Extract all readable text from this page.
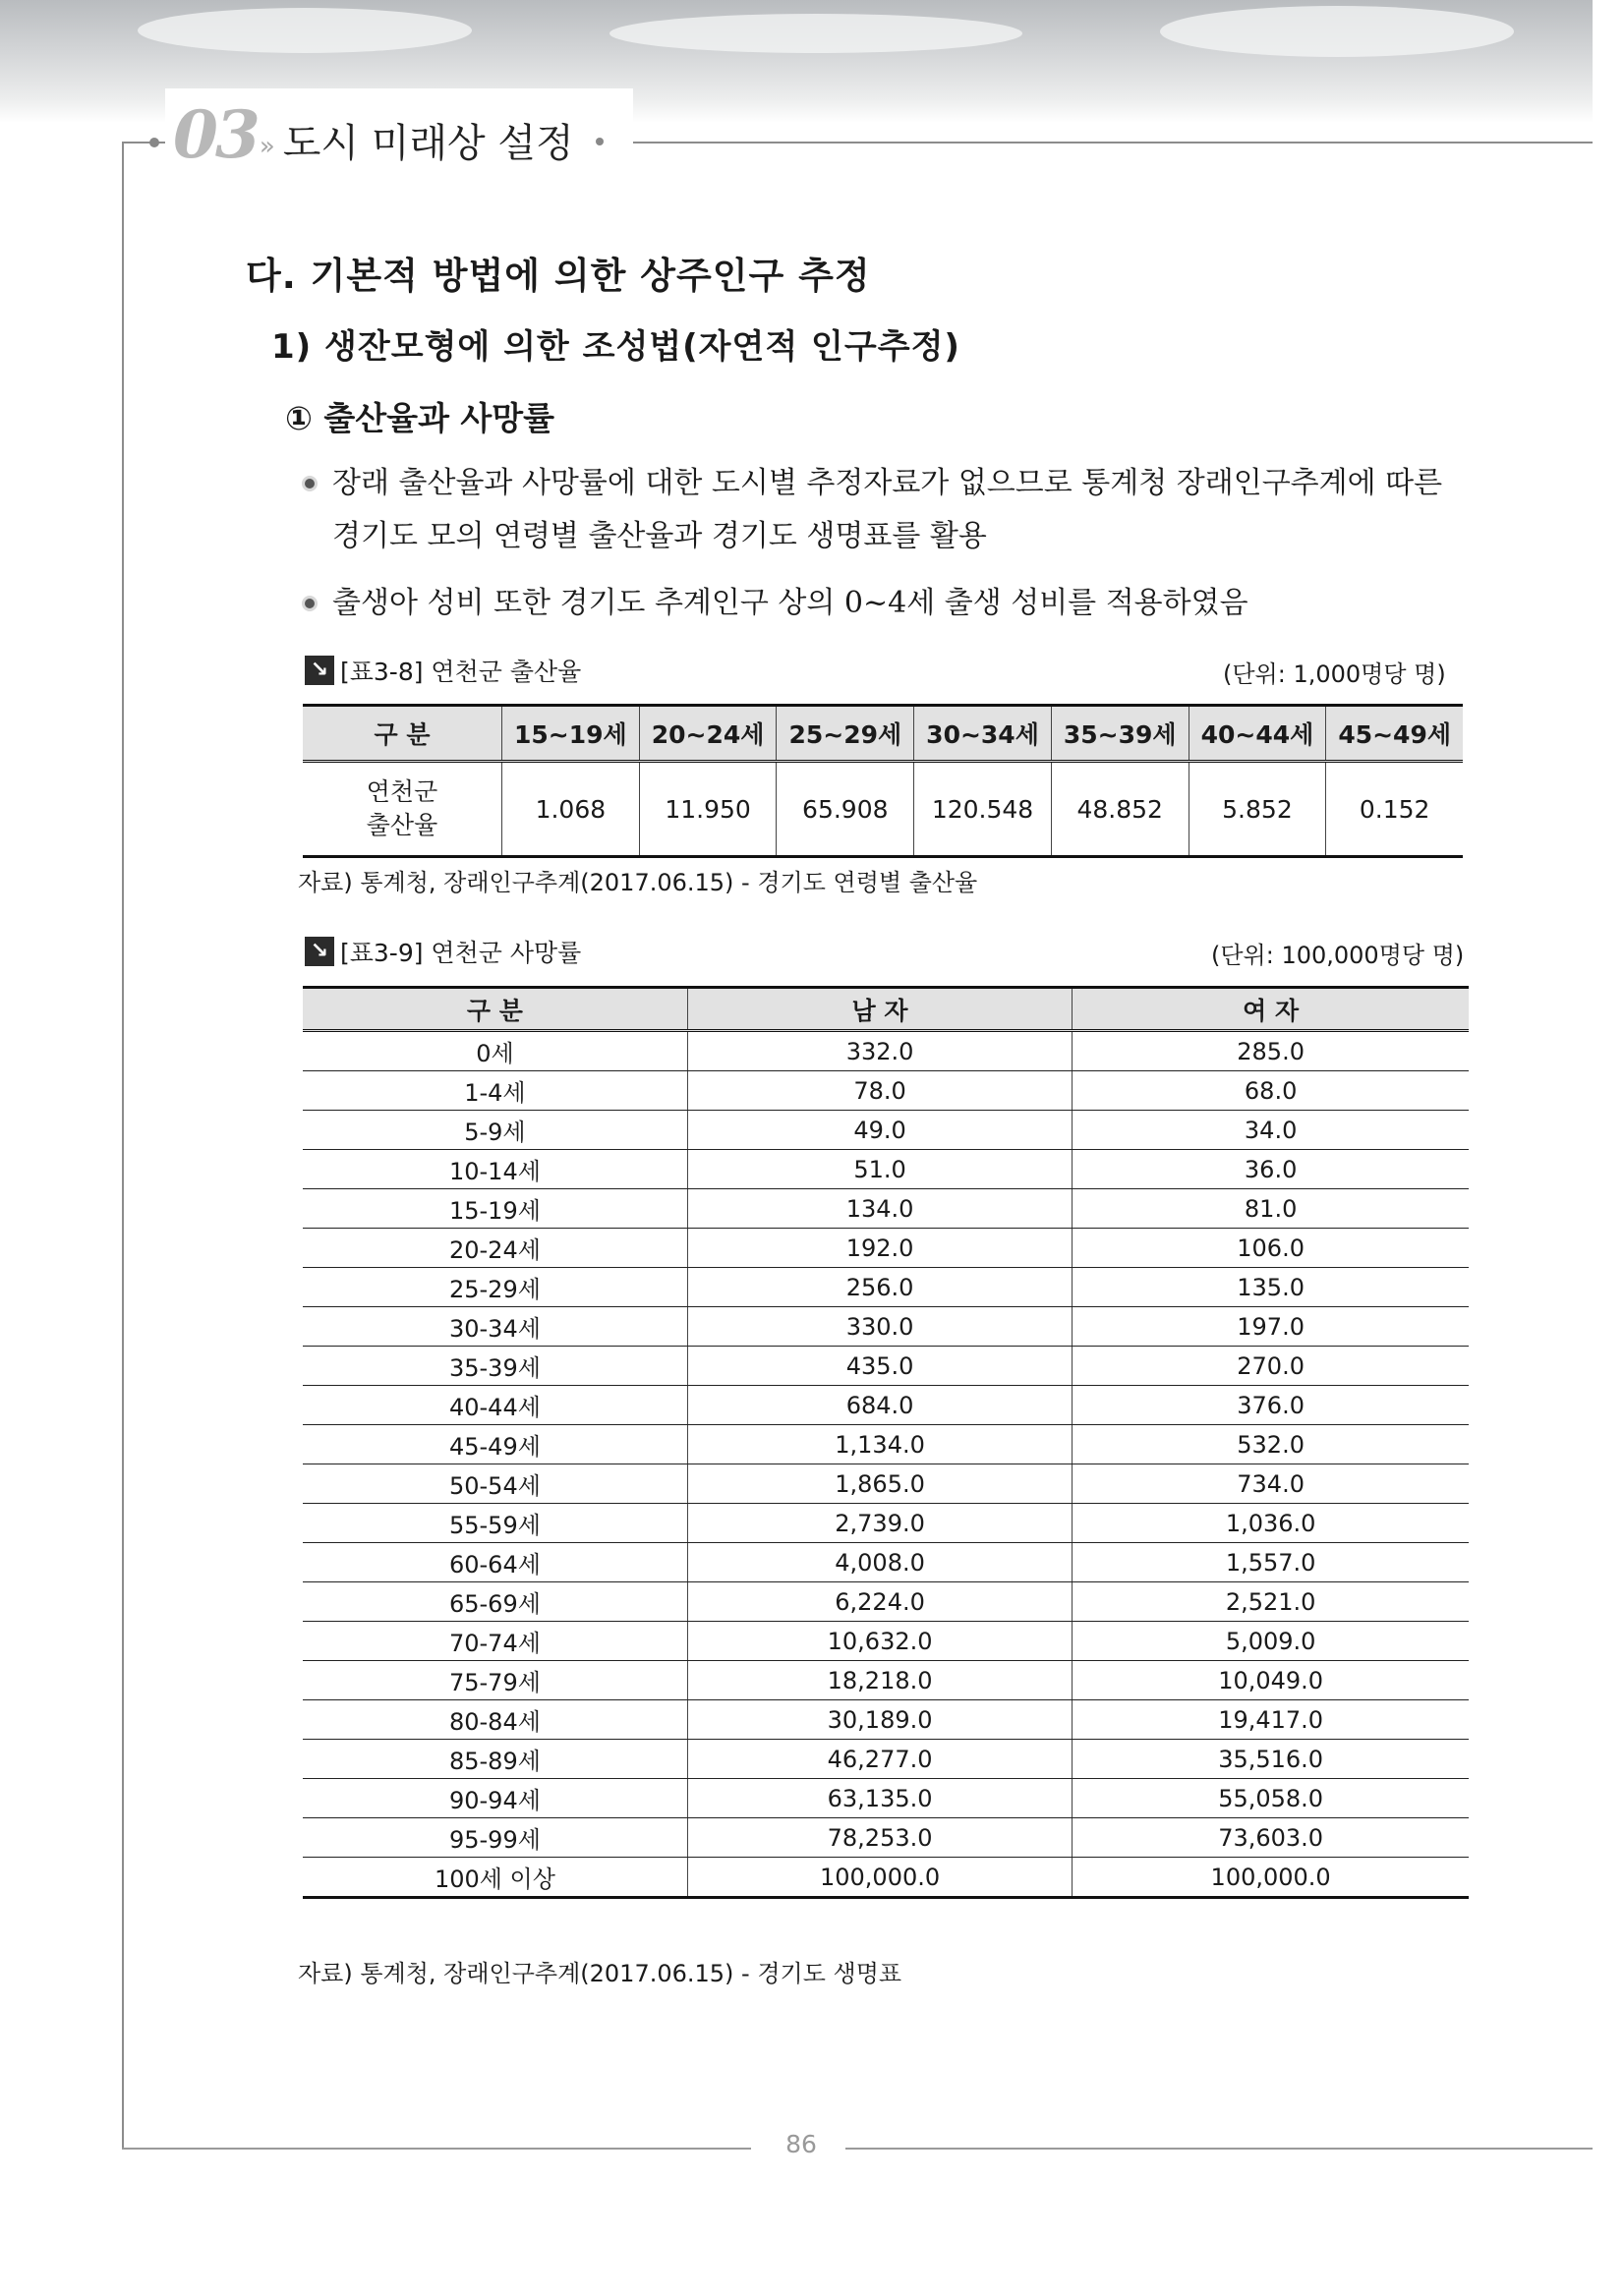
03 » 도시 미래상 설정
다. 기본적 방법에 의한 상주인구 추정
1) 생잔모형에 의한 조성법(자연적 인구추정)
① 출산율과 사망률
장래 출산율과 사망률에 대한 도시별 추정자료가 없으므로 통계청 장래인구추계에 따른 경기도 모의 연령별 출산율과 경기도 생명표를 활용
출생아 성비 또한 경기도 추계인구 상의 0~4세 출생 성비를 적용하였음
↘ [표3-8] 연천군 출산율	(단위: 1,000명당 명)
구 분	15~19세	20~24세	25~29세	30~34세	35~39세	40~44세	45~49세
연천군
출산율	1.068	11.950	65.908	120.548	48.852	5.852	0.152
자료) 통계청, 장래인구추계(2017.06.15) - 경기도 연령별 출산율
↘ [표3-9] 연천군 사망률	(단위: 100,000명당 명)
구 분	남 자	여 자
0세	332.0	285.0
1-4세	78.0	68.0
5-9세	49.0	34.0
10-14세	51.0	36.0
15-19세	134.0	81.0
20-24세	192.0	106.0
25-29세	256.0	135.0
30-34세	330.0	197.0
35-39세	435.0	270.0
40-44세	684.0	376.0
45-49세	1,134.0	532.0
50-54세	1,865.0	734.0
55-59세	2,739.0	1,036.0
60-64세	4,008.0	1,557.0
65-69세	6,224.0	2,521.0
70-74세	10,632.0	5,009.0
75-79세	18,218.0	10,049.0
80-84세	30,189.0	19,417.0
85-89세	46,277.0	35,516.0
90-94세	63,135.0	55,058.0
95-99세	78,253.0	73,603.0
100세 이상	100,000.0	100,000.0
자료) 통계청, 장래인구추계(2017.06.15) - 경기도 생명표
86
